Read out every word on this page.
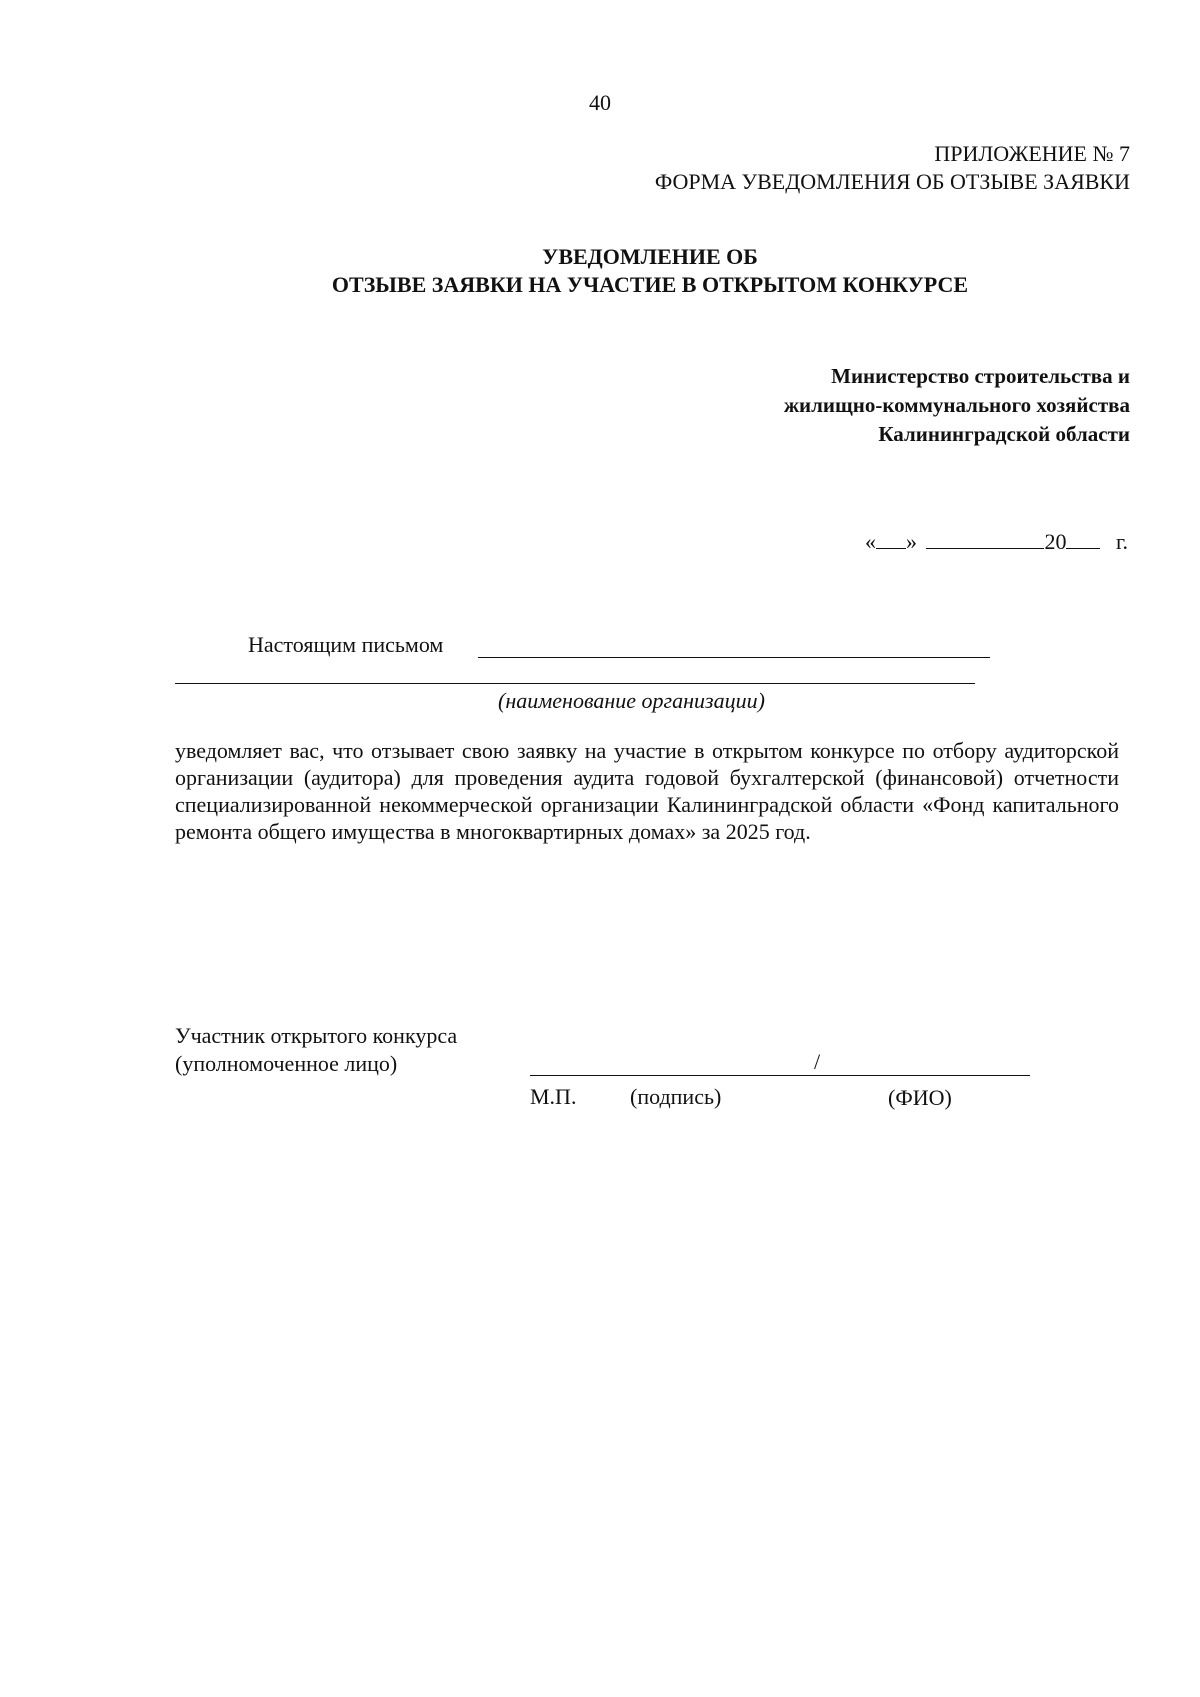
40
ПРИЛОЖЕНИЕ № 7
ФОРМА УВЕДОМЛЕНИЯ ОБ ОТЗЫВЕ ЗАЯВКИ
УВЕДОМЛЕНИЕ ОБ
ОТЗЫВЕ ЗАЯВКИ НА УЧАСТИЕ В ОТКРЫТОМ КОНКУРСЕ
Министерство строительства и
жилищно-коммунального хозяйства
Калининградской области
« »	20 г.
Настоящим письмом
(наименование организации)

уведомляет вас, что отзывает свою заявку на участие в открытом конкурсе по отбору аудиторской организации (аудитора) для проведения аудита годовой бухгалтерской (финансовой) отчетности специализированной некоммерческой организации Калининградской области «Фонд капитального ремонта общего имущества в многоквартирных домах» за 2025 год.

Участник открытого конкурса
(уполномоченное лицо)	/
М.П. (подпись)	(ФИО)
